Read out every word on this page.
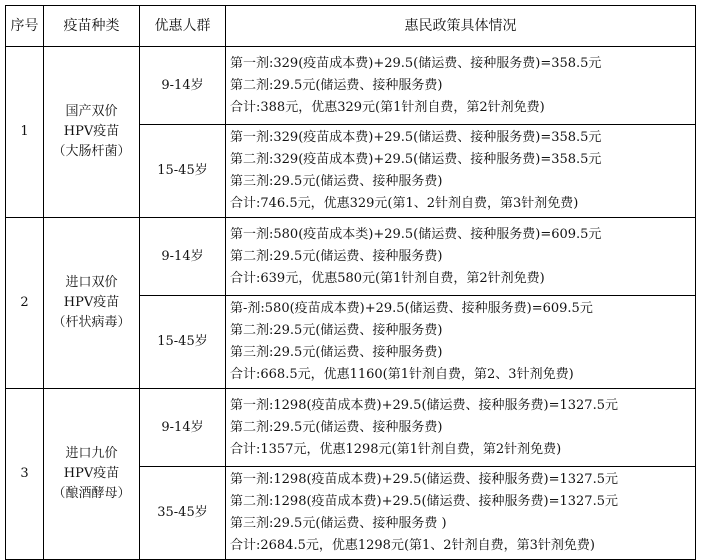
序号	疫苗种类	优惠人群	惠民政策具体情况
1	国产双价
HPV疫苗
（大肠杆菌）	9-14岁	第一剂:329(疫苗成本费)+29.5(储运费、接种服务费)=358.5元
第二剂:29.5元(储运费、接种服务费)
合计:388元，优惠329元(第1针剂自费，第2针剂免费)

		15-45岁	第一剂:329(疫苗成本费)+29.5(储运费、接种服务费)=358.5元
第二剂:329(疫苗成本费)+29.5(储运费、接种服务费)=358.5元
第三剂:29.5元(储运费、接种服务费)
合计:746.5元，优惠329元(第1、2针剂自费，第3针剂免费)

2	进口双价
HPV疫苗
（杆状病毒）	9-14岁	第一剂:580(疫苗成本类)+29.5(储运费、接种服务费)=609.5元
第二剂:29.5元(储运费、接种服务费)
合计:639元，优惠580元(第1针剂自费，第2针剂免费)

		15-45岁	第-剂:580(疫苗成本费)+29.5(储运费、接种服务费)=609.5元
第二剂:29.5元(储运费、接种服务费)
第三剂:29.5元(储运费、接种服务费)
合计:668.5元，优惠1160(第1针剂自费，第2、3针剂免费)

3	进口九价
HPV疫苗
（酿酒酵母）	9-14岁	第一剂:1298(疫苗成本费)+29.5(储运费、接种服务费)=1327.5元
第二剂:29.5元(储运费、接种服务费)
合计:1357元，优惠1298元(第1针剂自费，第2针剂免费)

		35-45岁	第一剂:1298(疫苗成本费)+29.5(储运费、接种服务费)=1327.5元
第二剂:1298(疫苗成本费)+29.5(储运费、接种服务费)=1327.5元
第三剂:29.5元(储运费、接种服务费 )
合计:2684.5元，优惠1298元(第1、2针剂自费，第3针剂免费)
